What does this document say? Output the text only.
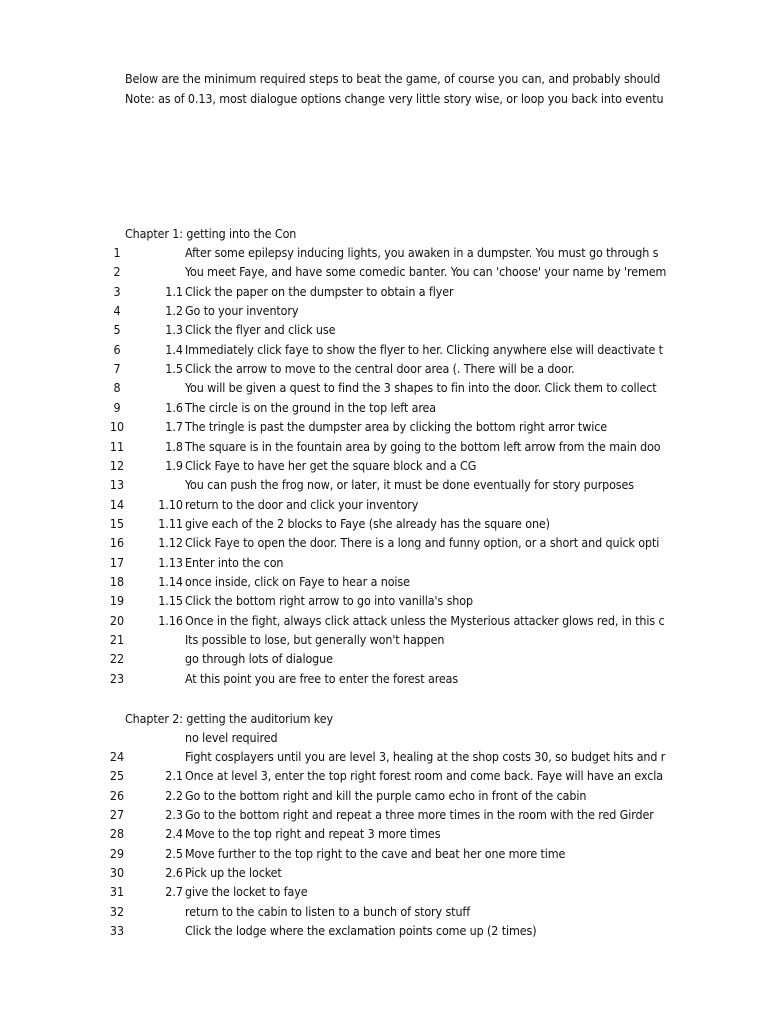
Below are the minimum required steps to beat the game, of course you can, and probably should
Note: as of 0.13, most dialogue options change very little story wise, or loop you back into eventu
Chapter 1: getting into the Con
1	After some epilepsy inducing lights, you awaken in a dumpster. You must go through s
2	You meet Faye, and have some comedic banter. You can 'choose' your name by 'remem
3	1.1 Click the paper on the dumpster to obtain a flyer
4	1.2 Go to your inventory
5	1.3 Click the flyer and click use
6	1.4 Immediately click faye to show the flyer to her. Clicking anywhere else will deactivate t
7	1.5 Click the arrow to move to the central door area (. There will be a door.
8	You will be given a quest to find the 3 shapes to fin into the door. Click them to collect
9	1.6 The circle is on the ground in the top left area
10	1.7 The tringle is past the dumpster area by clicking the bottom right arror twice
11	1.8 The square is in the fountain area by going to the bottom left arrow from the main doo
12	1.9 Click Faye to have her get the square block and a CG
13	You can push the frog now, or later, it must be done eventually for story purposes
14	1.10 return to the door and click your inventory
15	1.11 give each of the 2 blocks to Faye (she already has the square one)
16	1.12 Click Faye to open the door. There is a long and funny option, or a short and quick opti
17	1.13 Enter into the con
18	1.14 once inside, click on Faye to hear a noise
19	1.15 Click the bottom right arrow to go into vanilla's shop
20	1.16 Once in the fight, always click attack unless the Mysterious attacker glows red, in this c
21	Its possible to lose, but generally won't happen
22	go through lots of dialogue
23	At this point you are free to enter the forest areas
Chapter 2: getting the auditorium key
no level required
24	Fight cosplayers until you are level 3, healing at the shop costs 30, so budget hits and r
25	2.1 Once at level 3, enter the top right forest room and come back. Faye will have an excla
26	2.2 Go to the bottom right and kill the purple camo echo in front of the cabin
27	2.3 Go to the bottom right and repeat a three more times in the room with the red Girder
28	2.4 Move to the top right and repeat 3 more times
29	2.5 Move further to the top right to the cave and beat her one more time
30	2.6 Pick up the locket
31	2.7 give the locket to faye
32	return to the cabin to listen to a bunch of story stuff
33	Click the lodge where the exclamation points come up (2 times)
